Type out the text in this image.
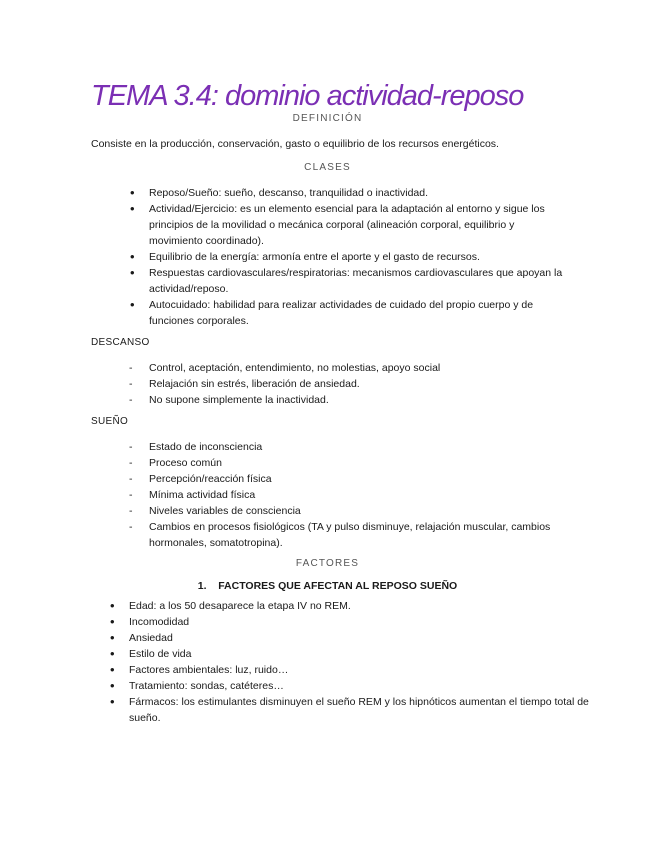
TEMA 3.4: dominio actividad-reposo

DEFINICIÓN

Consiste en la producción, conservación, gasto o equilibrio de los recursos energéticos.

CLASES

• Reposo/Sueño: sueño, descanso, tranquilidad o inactividad.
• Actividad/Ejercicio: es un elemento esencial para la adaptación al entorno y sigue los principios de la movilidad o mecánica corporal (alineación corporal, equilibrio y movimiento coordinado).
• Equilibrio de la energía: armonía entre el aporte y el gasto de recursos.
• Respuestas cardiovasculares/respiratorias: mecanismos cardiovasculares que apoyan la actividad/reposo.
• Autocuidado: habilidad para realizar actividades de cuidado del propio cuerpo y de funciones corporales.

DESCANSO

- Control, aceptación, entendimiento, no molestias, apoyo social
- Relajación sin estrés, liberación de ansiedad.
- No supone simplemente la inactividad.

SUEÑO

- Estado de inconsciencia
- Proceso común
- Percepción/reacción física
- Mínima actividad física
- Niveles variables de consciencia
- Cambios en procesos fisiológicos (TA y pulso disminuye, relajación muscular, cambios hormonales, somatotropina).

FACTORES

1.    FACTORES QUE AFECTAN AL REPOSO SUEÑO

• Edad: a los 50 desaparece la etapa IV no REM.
• Incomodidad
• Ansiedad
• Estilo de vida
• Factores ambientales: luz, ruido…
• Tratamiento: sondas, catéteres…
• Fármacos: los estimulantes disminuyen el sueño REM y los hipnóticos aumentan el tiempo total de sueño.
